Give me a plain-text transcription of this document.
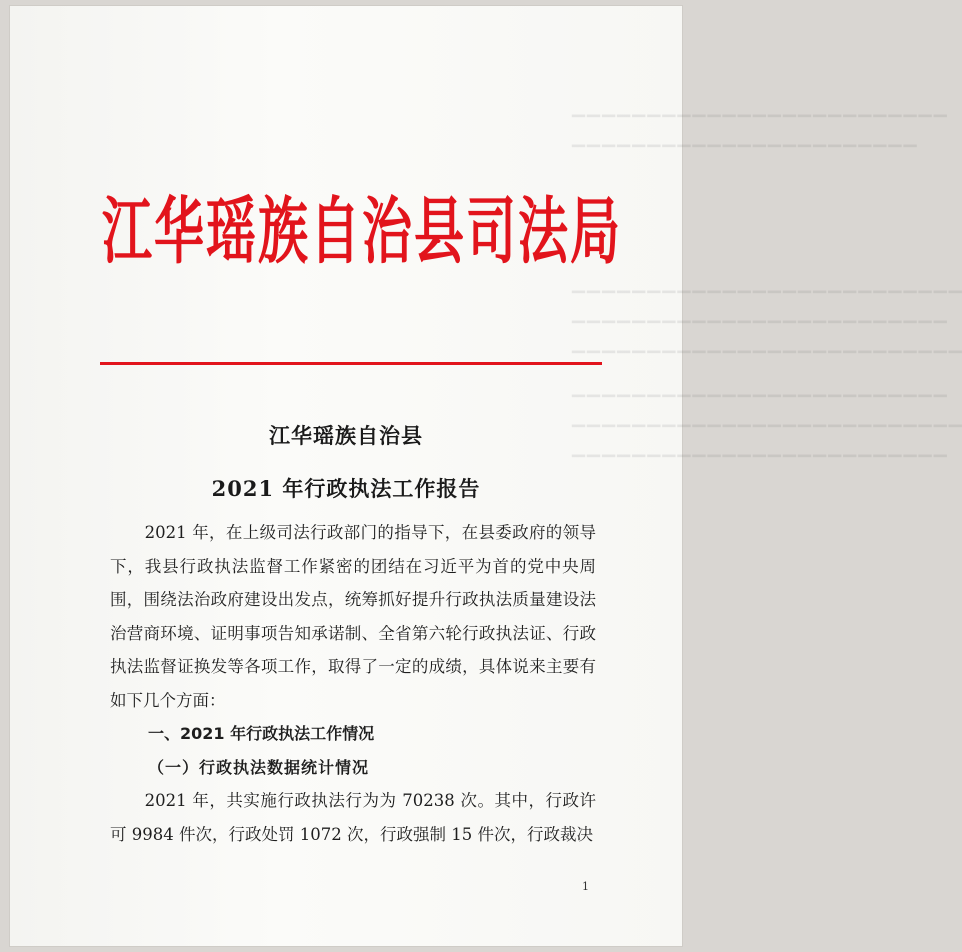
▁▁▁▁▁▁▁▁▁▁▁▁▁▁▁▁▁▁▁▁▁▁▁▁▁
▁▁▁▁▁▁▁▁▁▁▁▁▁▁▁▁▁▁▁▁▁▁▁
▁▁▁▁▁▁▁▁▁▁▁▁▁▁▁▁▁▁▁▁▁▁▁▁▁▁
▁▁▁▁▁▁▁▁▁▁▁▁▁▁▁▁▁▁▁▁▁▁▁▁▁
▁▁▁▁▁▁▁▁▁▁▁▁▁▁▁▁▁▁▁▁▁▁▁▁▁▁
▁▁▁▁▁▁▁▁▁▁▁▁▁▁▁▁▁▁▁▁▁▁▁▁▁
▁▁▁▁▁▁▁▁▁▁▁▁▁▁▁▁▁▁▁▁▁▁▁▁▁▁
▁▁▁▁▁▁▁▁▁▁▁▁▁▁▁▁▁▁▁▁▁▁▁▁▁
江华瑶族自治县司法局
江华瑶族自治县
2021 年行政执法工作报告

2021 年，在上级司法行政部门的指导下，在县委政府的领导下，我县行政执法监督工作紧密的团结在习近平为首的党中央周围，围绕法治政府建设出发点，统筹抓好提升行政执法质量建设法治营商环境、证明事项告知承诺制、全省第六轮行政执法证、行政执法监督证换发等各项工作，取得了一定的成绩，具体说来主要有如下几个方面：

一、2021 年行政执法工作情况

（一）行政执法数据统计情况

2021 年，共实施行政执法行为为 70238 次。其中，行政许可 9984 件次，行政处罚 1072 次，行政强制 15 件次，行政裁决

1
